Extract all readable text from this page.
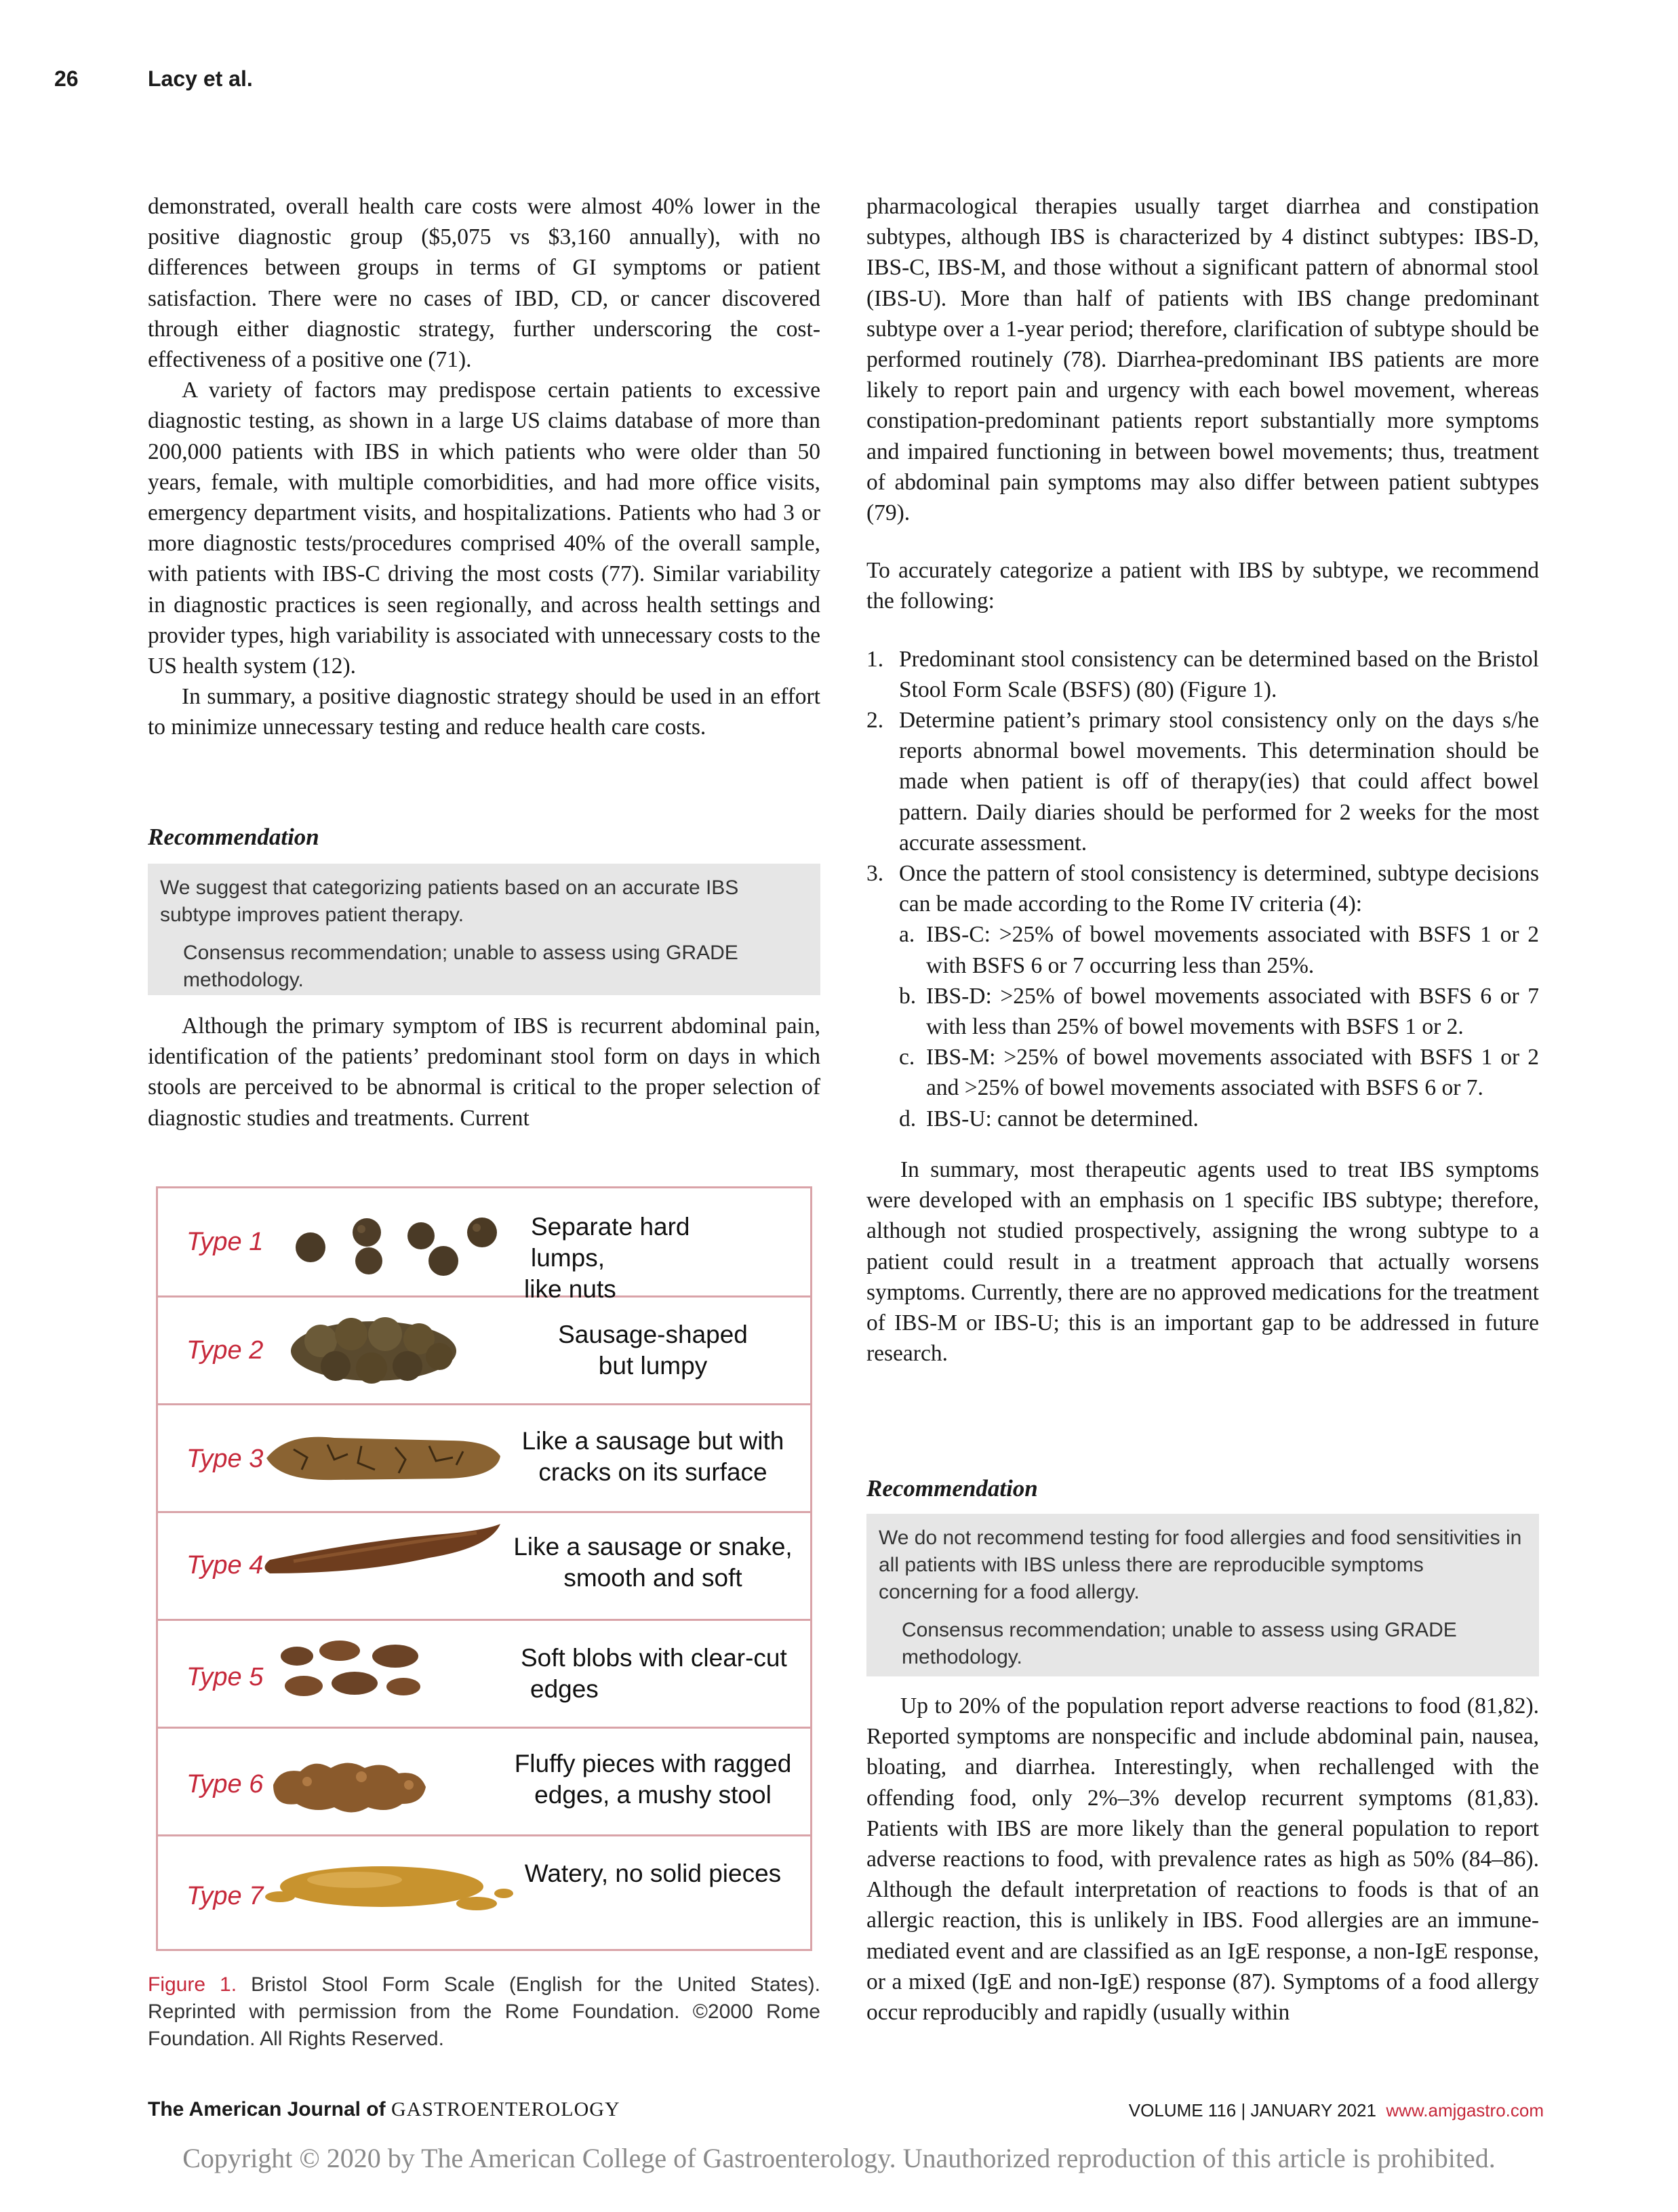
26	Lacy et al.

demonstrated, overall health care costs were almost 40% lower in the positive diagnostic group ($5,075 vs $3,160 annually), with no differences between groups in terms of GI symptoms or patient satisfaction. There were no cases of IBD, CD, or cancer discovered through either diagnostic strategy, further underscoring the cost-effectiveness of a positive one (71).

A variety of factors may predispose certain patients to excessive diagnostic testing, as shown in a large US claims database of more than 200,000 patients with IBS in which patients who were older than 50 years, female, with multiple comorbidities, and had more office visits, emergency department visits, and hospitalizations. Patients who had 3 or more diagnostic tests/procedures comprised 40% of the overall sample, with patients with IBS-C driving the most costs (77). Similar variability in diagnostic practices is seen regionally, and across health settings and provider types, high variability is associated with unnecessary costs to the US health system (12).

In summary, a positive diagnostic strategy should be used in an effort to minimize unnecessary testing and reduce health care costs.

Recommendation
We suggest that categorizing patients based on an accurate IBS subtype improves patient therapy.
Consensus recommendation; unable to assess using GRADE methodology.

Although the primary symptom of IBS is recurrent abdominal pain, identification of the patients’ predominant stool form on days in which stools are perceived to be abnormal is critical to the proper selection of diagnostic studies and treatments. Current

Type 1
Separate hard lumps,
like nuts
Type 2
Sausage-shaped
but lumpy
Type 3
Like a sausage but with
cracks on its surface
Type 4
Like a sausage or snake,
smooth and soft
Type 5
Soft blobs with clear-cut
edges
Type 6
Fluffy pieces with ragged
edges, a mushy stool
Type 7
Watery, no solid pieces
Figure 1. Bristol Stool Form Scale (English for the United States). Reprinted with permission from the Rome Foundation. ©2000 Rome Foundation. All Rights Reserved.

pharmacological therapies usually target diarrhea and constipation subtypes, although IBS is characterized by 4 distinct subtypes: IBS-D, IBS-C, IBS-M, and those without a significant pattern of abnormal stool (IBS-U). More than half of patients with IBS change predominant subtype over a 1-year period; therefore, clarification of subtype should be performed routinely (78). Diarrhea-predominant IBS patients are more likely to report pain and urgency with each bowel movement, whereas constipation-predominant patients report substantially more symptoms and impaired functioning in between bowel movements; thus, treatment of abdominal pain symptoms may also differ between patient subtypes (79).

To accurately categorize a patient with IBS by subtype, we recommend the following:

1. Predominant stool consistency can be determined based on the Bristol Stool Form Scale (BSFS) (80) (Figure 1).
2. Determine patient’s primary stool consistency only on the days s/he reports abnormal bowel movements. This determination should be made when patient is off of therapy(ies) that could affect bowel pattern. Daily diaries should be performed for 2 weeks for the most accurate assessment.
3. Once the pattern of stool consistency is determined, subtype decisions can be made according to the Rome IV criteria (4):
a. IBS-C: >25% of bowel movements associated with BSFS 1 or 2 with BSFS 6 or 7 occurring less than 25%.
b. IBS-D: >25% of bowel movements associated with BSFS 6 or 7 with less than 25% of bowel movements with BSFS 1 or 2.
c. IBS-M: >25% of bowel movements associated with BSFS 1 or 2 and >25% of bowel movements associated with BSFS 6 or 7.
d. IBS-U: cannot be determined.

In summary, most therapeutic agents used to treat IBS symptoms were developed with an emphasis on 1 specific IBS subtype; therefore, although not studied prospectively, assigning the wrong subtype to a patient could result in a treatment approach that actually worsens symptoms. Currently, there are no approved medications for the treatment of IBS-M or IBS-U; this is an important gap to be addressed in future research.

Recommendation
We do not recommend testing for food allergies and food sensitivities in all patients with IBS unless there are reproducible symptoms concerning for a food allergy.
Consensus recommendation; unable to assess using GRADE methodology.

Up to 20% of the population report adverse reactions to food (81,82). Reported symptoms are nonspecific and include abdominal pain, nausea, bloating, and diarrhea. Interestingly, when rechallenged with the offending food, only 2%–3% develop recurrent symptoms (81,83). Patients with IBS are more likely than the general population to report adverse reactions to food, with prevalence rates as high as 50% (84–86). Although the default interpretation of reactions to foods is that of an allergic reaction, this is unlikely in IBS. Food allergies are an immune-mediated event and are classified as an IgE response, a non-IgE response, or a mixed (IgE and non-IgE) response (87). Symptoms of a food allergy occur reproducibly and rapidly (usually within

The American Journal of GASTROENTEROLOGY	VOLUME 116 | JANUARY 2021 www.amjgastro.com
Copyright © 2020 by The American College of Gastroenterology. Unauthorized reproduction of this article is prohibited.
